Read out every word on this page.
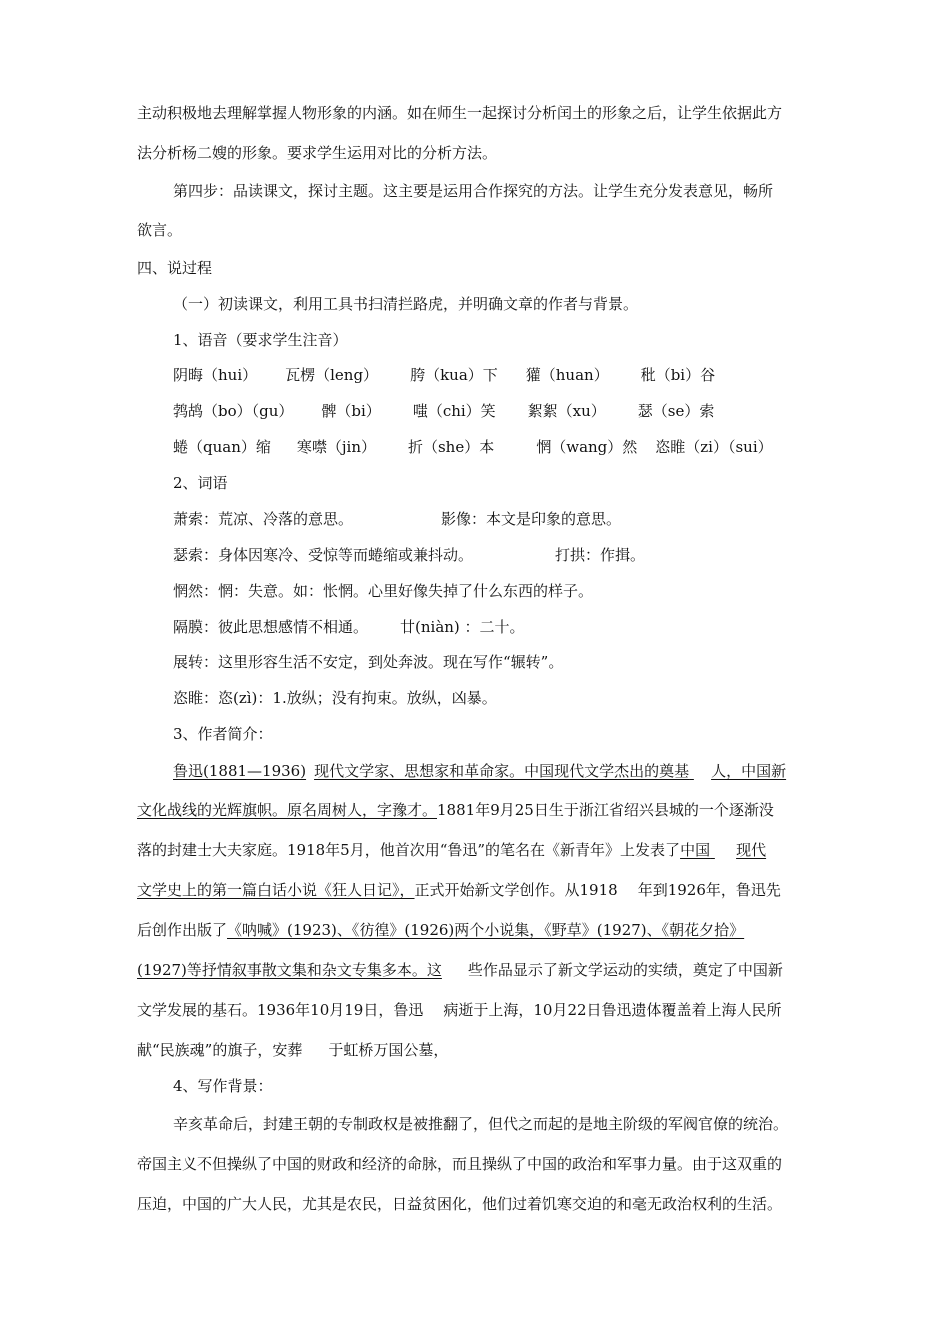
主动积极地去理解掌握人物形象的内涵。如在师生一起探讨分析闰土的形象之后，让学生依据此方
法分析杨二嫂的形象。要求学生运用对比的分析方法。
第四步：品读课文，探讨主题。这主要是运用合作探究的方法。让学生充分发表意见，畅所
欲言。
四、说过程
（一）初读课文，利用工具书扫清拦路虎，并明确文章的作者与背景。
1、语音（要求学生注音）
阴晦（hui） 瓦楞（leng） 胯（kua）下 獾（huan） 秕（bi）谷
鹁鸪（bo）（gu） 髀（bi） 嗤（chi）笑 絮絮（xu） 瑟（se）索
蜷（quan）缩 寒噤（jin） 折（she）本	惘（wang）然 恣睢（zi）（sui）
2、词语
萧索：荒凉、冷落的意思。	影像：本文是印象的意思。
瑟索：身体因寒冷、受惊等而蜷缩或兼抖动。	打拱：作揖。
惘然：惘：失意。如：怅惘。心里好像失掉了什么东西的样子。
隔膜：彼此思想感情不相通。 廿(niàn) ：二十。
展转：这里形容生活不安定，到处奔波。现在写作“辗转”。
恣睢：恣(zì)：1.放纵；没有拘束。放纵，凶暴。
3、作者简介：
鲁迅(1881—1936) 现代文学家、思想家和革命家。中国现代文学杰出的奠基 人，中国新
文化战线的光辉旗帜。原名周树人，字豫才。1881年9月25日生于浙江省绍兴县城的一个逐渐没
落的封建士大夫家庭。1918年5月，他首次用“鲁迅”的笔名在《新青年》上发表了中国 现代
文学史上的第一篇白话小说《狂人日记》，正式开始新文学创作。从1918 年到1926年，鲁迅先
后创作出版了《呐喊》(1923)、《彷徨》(1926)两个小说集，《野草》(1927)、《朝花夕拾》
(1927)等抒情叙事散文集和杂文专集多本。这 些作品显示了新文学运动的实绩，奠定了中国新
文学发展的基石。1936年10月19日，鲁迅 病逝于上海，10月22日鲁迅遗体覆盖着上海人民所
献“民族魂”的旗子，安葬 于虹桥万国公墓，
4、写作背景：
辛亥革命后，封建王朝的专制政权是被推翻了，但代之而起的是地主阶级的军阀官僚的统治。
帝国主义不但操纵了中国的财政和经济的命脉，而且操纵了中国的政治和军事力量。由于这双重的
压迫，中国的广大人民，尤其是农民，日益贫困化，他们过着饥寒交迫的和毫无政治权利的生活。
